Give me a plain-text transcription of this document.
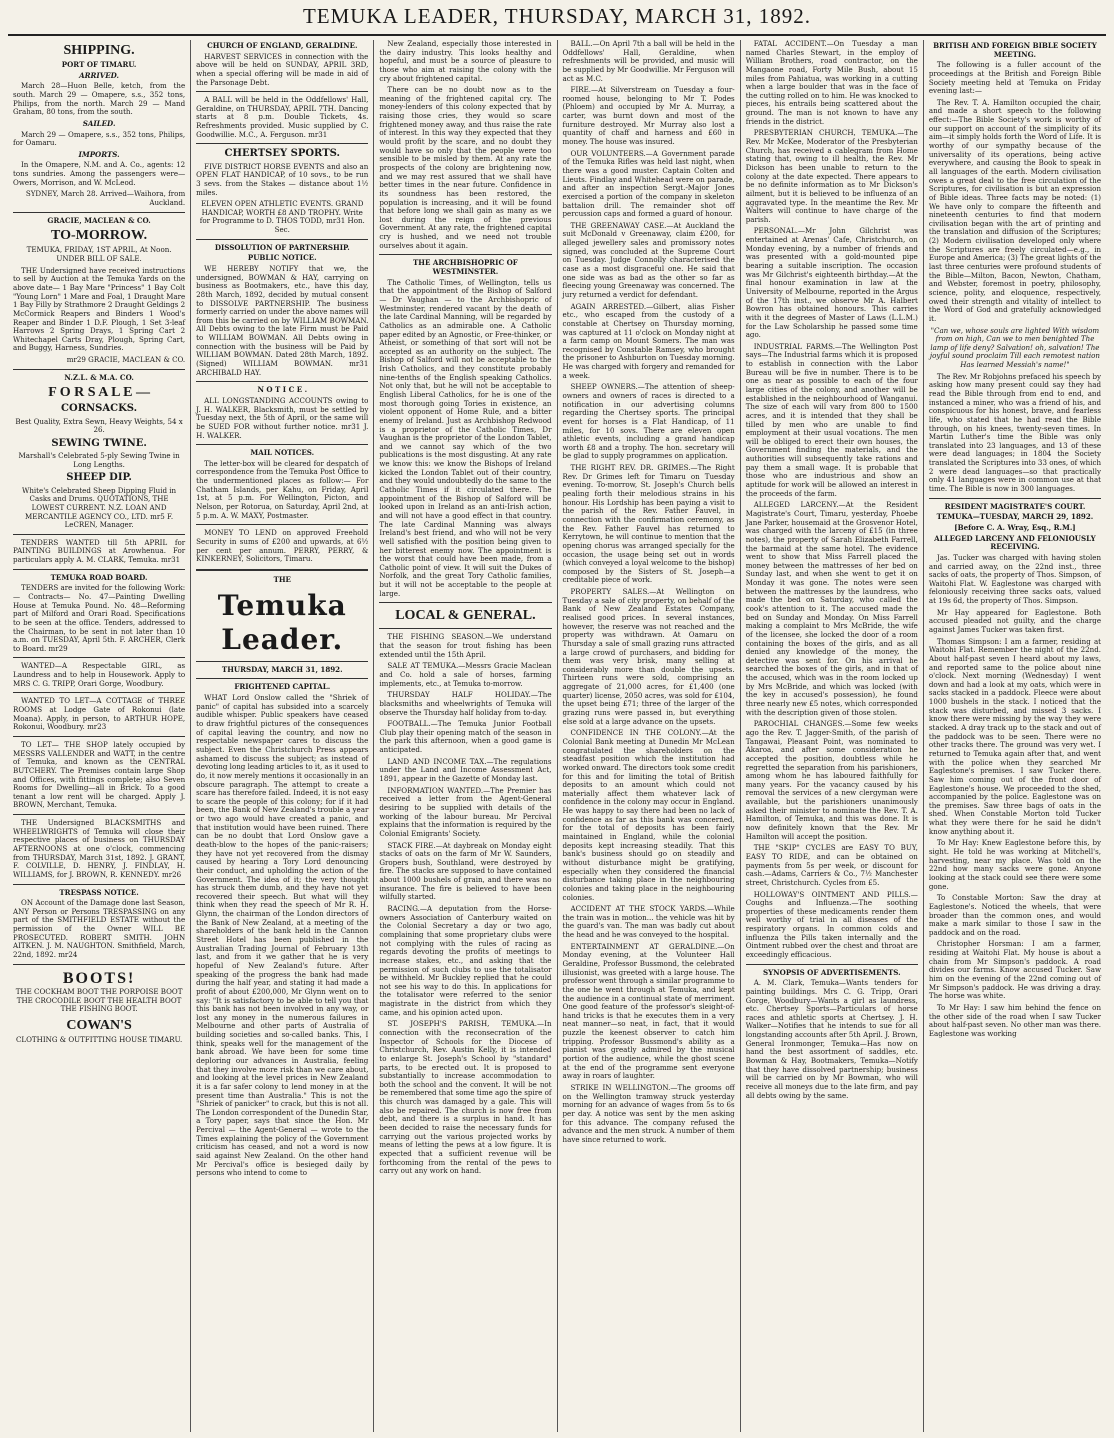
TEMUKA LEADER, THURSDAY, MARCH 31, 1892.
SHIPPING.
PORT OF TIMARU.
ARRIVED.

March 28—Huon Belle, ketch, from the south. March 29 — Omapere, s.s., 352 tons, Philips, from the north. March 29 — Mand Graham, 80 tons, from the south.

SAILED.

March 29 — Omapere, s.s., 352 tons, Philips, for Oamaru.

IMPORTS.

In the Omapere, N.M. and A. Co., agents: 12 tons sundries. Among the passengers were—Owers, Morrison, and W. McLeod.

SYDNEY, March 28. Arrived—Waihora, from Auckland.

GRACIE, MACLEAN & CO.
TO-MORROW.

TEMUKA, FRIDAY, 1ST APRIL, At Noon. UNDER BILL OF SALE.

THE Undersigned have received instructions to sell by Auction at the Temuka Yards on the above date— 1 Bay Mare "Princess" 1 Bay Colt "Young Lorn" 1 Mare and Foal, 1 Draught Mare 1 Bay Filly by Strathmore 2 Draught Geldings 2 McCormick Reapers and Binders 1 Wood's Reaper and Binder 1 D.F. Plough, 1 Set 3-leaf Harrows 2 Spring Drays, 1 Spring Cart 2 Whitechapel Carts Dray, Plough, Spring Cart, and Buggy, Harness, Sundries.

mr29 GRACIE, MACLEAN & CO.

N.Z.L. & M.A. CO.
F O R S A L E —
CORNSACKS.

Best Quality, Extra Sewn, Heavy Weights, 54 x 26.

SEWING TWINE.

Marshall's Celebrated 5-ply Sewing Twine in Long Lengths.

SHEEP DIP.

White's Celebrated Sheep Dipping Fluid in Casks and Drums. QUOTATIONS, THE LOWEST CURRENT. N.Z. LOAN AND MERCANTILE AGENCY CO., LTD. mr5 F. LeCREN, Manager.

TENDERS WANTED till 5th APRIL for PAINTING BUILDINGS at Arowhenua. For particulars apply A. M. CLARK, Temuka. mr31

TEMUKA ROAD BOARD.

TENDERS are invited for the following Work:— Contracts— No. 47—Painting Dwelling House at Temuka Pound. No. 48—Reforming part of Milford and Orari Road. Specifications to be seen at the office. Tenders, addressed to the Chairman, to be sent in not later than 10 a.m. on TUESDAY, April 5th. F. ARCHER, Clerk to Board. mr29

WANTED—A Respectable GIRL, as Laundress and to help in Housework. Apply to MRS C. G. TRIPP, Orari Gorge, Woodbury.

WANTED TO LET—A COTTAGE of THREE ROOMS at Lodge Gate of Rokonui (late Moana). Apply, in person, to ARTHUR HOPE, Rokonui, Woodbury. mr23

TO LET— THE SHOP lately occupied by MESSRS VALLENDER and WATT, in the centre of Temuka, and known as the CENTRAL BUTCHERY. The Premises contain large Shop and Offices, with fittings complete; also Seven Rooms for Dwelling—all in Brick. To a good tenant a low rent will be charged. Apply J. BROWN, Merchant, Temuka.

THE Undersigned BLACKSMITHS and WHEELWRIGHTS of Temuka will close their respective places of business on THURSDAY AFTERNOONS at one o'clock, commencing from THURSDAY, March 31st, 1892. J. GRANT, F. COLVILLE, D. HENRY, J. FINDLAY, H. WILLIAMS, for J. BROWN, R. KENNEDY. mr26

TRESPASS NOTICE.

ON Account of the Damage done last Season, ANY Person or Persons TRESPASSING on any part of the SMITHFIELD ESTATE without the permission of the Owner WILL BE PROSECUTED. ROBERT SMITH. JOHN AITKEN. J. M. NAUGHTON. Smithfield, March, 22nd, 1892. mr24

BOOTS!

THE COCKHAM BOOT THE PORPOISE BOOT THE CROCODILE BOOT THE HEALTH BOOT THE FISHING BOOT.

COWAN'S

CLOTHING & OUTFITTING HOUSE TIMARU.

CHURCH OF ENGLAND, GERALDINE.

HARVEST SERVICES in connection with the above will be held on SUNDAY, APRIL 3RD, when a special offering will be made in aid of the Parsonage Debt.

A BALL will be held in the Oddfellows' Hall, Geraldine, on THURSDAY, APRIL 7TH. Dancing starts at 8 p.m. Double Tickets, 4s. Refreshments provided. Music supplied by C. Goodwillie. M.C., A. Ferguson. mr31

CHERTSEY SPORTS.

FIVE DISTRICT HORSE EVENTS and also an OPEN FLAT HANDICAP, of 10 sovs., to be run 3 sevs. from the Stakes — distance about 1½ miles.

ELEVEN OPEN ATHLETIC EVENTS. GRAND HANDICAP, WORTH £8 AND TROPHY. Write for Programme to D. THOS TODD, mr31 Hon. Sec.

DISSOLUTION OF PARTNERSHIP.
PUBLIC NOTICE.

WE HEREBY NOTIFY that we, the undersigned, BOWMAN & HAY, carrying on business as Bootmakers, etc., have this day, 28th March, 1892, decided by mutual consent to DISSOLVE PARTNERSHIP. The business formerly carried on under the above names will from this be carried on by WILLIAM BOWMAN. All Debts owing to the late Firm must be Paid to WILLIAM BOWMAN. All Debts owing in connection with the business will be Paid by WILLIAM BOWMAN. Dated 28th March, 1892. (Signed) WILLIAM BOWMAN. mr31 ARCHIBALD HAY.

N O T I C E .

ALL LONGSTANDING ACCOUNTS owing to J. H. WALKER, Blacksmith, must be settled by Tuesday next, the 5th of April, or the same will be SUED FOR without further notice. mr31 J. H. WALKER.

MAIL NOTICES.

The letter-box will be cleared for despatch of correspondence from the Temuka Post Office to the undermentioned places as follow:— For Chatham Islands, per Kahu, on Friday, April 1st, at 5 p.m. For Wellington, Picton, and Nelson, per Rotorua, on Saturday, April 2nd, at 5 p.m. A. W. MAXY, Postmaster.

MONEY TO LEND on approved Freehold Security in sums of £200 and upwards, at 6½ per cent per annum. PERRY, PERRY, & KINKERNEY, Solicitors, Timaru.

THE
Temuka Leader.
THURSDAY, MARCH 31, 1892.
FRIGHTENED CAPITAL.

WHAT Lord Onslow called the "Shriek of panic" of capital has subsided into a scarcely audible whisper. Public speakers have ceased to draw frightful pictures of the consequences of capital leaving the country, and now no respectable newspaper cares to discuss the subject. Even the Christchurch Press appears ashamed to discuss the subject; as instead of devoting long leading articles to it, as it used to do, it now merely mentions it occasionally in an obscure paragraph. The attempt to create a scare has therefore failed. Indeed, it is not easy to scare the people of this colony; for if it had been, the Bank of New Zealand's trouble a year or two ago would have created a panic, and that institution would have been ruined. There can be no doubt that Lord Onslow gave a death-blow to the hopes of the panic-raisers; they have not yet recovered from the dismay caused by hearing a Tory Lord denouncing their conduct, and upholding the action of the Government. The idea of it; the very thought has struck them dumb, and they have not yet recovered their speech. But what will they think when they read the speech of Mr R. H. Glynn, the chairman of the London directors of the Bank of New Zealand, at a meeting of the shareholders of the bank held in the Cannon Street Hotel has been published in the Australian Trading Journal of February 13th last, and from it we gather that he is very hopeful of New Zealand's future. After speaking of the progress the bank had made during the half year, and stating it had made a profit of about £200,000, Mr Glynn went on to say: "It is satisfactory to be able to tell you that this bank has not been involved in any way, or lost any money in the numerous failures in Melbourne and other parts of Australia of building societies and so-called banks. This, I think, speaks well for the management of the bank abroad. We have been for some time deploring our advances in Australia, feeling that they involve more risk than we care about, and looking at the level prices in New Zealand it is a far safer colony to lend money in at the present time than Australia." This is not the "Shriek of panicker" to crack, but this is not all. The London correspondent of the Dunedin Star, a Tory paper, says that since the Hon. Mr Percival — the Agent-General — wrote to the Times explaining the policy of the Government criticism has ceased, and not a word is now said against New Zealand. On the other hand Mr Percival's office is besieged daily by persons who intend to come to

New Zealand, especially those interested in the dairy industry. This looks healthy and hopeful, and must be a source of pleasure to those who aim at raising the colony with the cry about frightened capital.

There can be no doubt now as to the meaning of the frightened capital cry. The money-lenders of this colony expected that by raising those cries, they would so scare frightened money away, and thus raise the rate of interest. In this way they expected that they would profit by the scare, and no doubt they would have so only that the people were too sensible to be misled by them. At any rate the prospects of the colony are brightening now, and we may rest assured that we shall have better times in the near future. Confidence in its soundness has been restored, the population is increasing, and it will be found that before long we shall gain as many as we lost during the reign of the previous Government. At any rate, the frightened capital cry is hushed, and we need not trouble ourselves about it again.

THE ARCHBISHOPRIC OF WESTMINSTER.

The Catholic Times, of Wellington, tells us that the appointment of the Bishop of Salford — Dr Vaughan — to the Archbishopric of Westminster, rendered vacant by the death of the late Cardinal Manning, will be regarded by Catholics as an admirable one. A Catholic paper edited by an Agnostic, or Free-thinker, or Atheist, or something of that sort will not be accepted as an authority on the subject. The Bishop of Salford will not be acceptable to the Irish Catholics, and they constitute probably nine-tenths of the English speaking Catholics. Not only that, but he will not be acceptable to English Liberal Catholics, for he is one of the most thorough going Tories in existence, an violent opponent of Home Rule, and a bitter enemy of Ireland. Just as Archbishop Redwood is a proprietor of the Catholic Times, Dr Vaughan is the proprietor of the London Tablet, and we cannot say which of the two publications is the most disgusting. At any rate we know this: we know the Bishops of Ireland kicked the London Tablet out of their country, and they would undoubtedly do the same to the Catholic Times if it circulated there. The appointment of the Bishop of Salford will be looked upon in Ireland as an anti-Irish action, and will not have a good effect in that country. The late Cardinal Manning was always Ireland's best friend, and who will not be very well satisfied with the position being given to her bitterest enemy now. The appointment is the worst that could have been made, from a Catholic point of view. It will suit the Dukes of Norfolk, and the great Tory Catholic families, but it will not be acceptable to the people at large.

LOCAL & GENERAL.

THE FISHING SEASON.—We understand that the season for trout fishing has been extended until the 15th April.

SALE AT TEMUKA.—Messrs Gracie Maclean and Co. hold a sale of horses, farming implements, etc., at Temuka to-morrow.

THURSDAY HALF HOLIDAY.—The blacksmiths and wheelwrights of Temuka will observe the Thursday half holiday from to-day.

FOOTBALL.—The Temuka Junior Football Club play their opening match of the season in the park this afternoon, when a good game is anticipated.

LAND AND INCOME TAX.—The regulations under the Land and Income Assessment Act, 1891, appear in the Gazette of Monday last.

INFORMATION WANTED.—The Premier has received a letter from the Agent-General desiring to be supplied with details of the working of the labour bureau. Mr Percival explains that the information is required by the Colonial Emigrants' Society.

STACK FIRE.—At daybreak on Monday eight stacks of oats on the farm of Mr W. Saunders, Gropers bush, Southland, were destroyed by fire. The stacks are supposed to have contained about 1000 bushels of grain, and there was no insurance. The fire is believed to have been wilfully started.

RACING.—A deputation from the Horse-owners Association of Canterbury waited on the Colonial Secretary a day or two ago, complaining that some proprietary clubs were not complying with the rules of racing as regards devoting the profits of meetings to increase stakes, etc., and asking that the permission of such clubs to use the totalisator be withheld. Mr Buckley replied that he could not see his way to do this. In applications for the totalisator were referred to the senior magistrate in the district from which they came, and his opinion acted upon.

ST. JOSEPH'S PARISH, TEMUKA.—In connection with the reconsecration of the Inspector of Schools for the Diocese of Christchurch, Rev. Austin Kelly, it is intended to enlarge St. Joseph's School by "standard" parts, to be erected out. It is proposed to substantially to increase accommodation to both the school and the convent. It will be not be remembered that some time ago the spire of this church was damaged by a gale. This will also be repaired. The church is now free from debt, and there is a surplus in hand. It has been decided to raise the necessary funds for carrying out the various projected works by means of letting the pews at a low figure. It is expected that a sufficient revenue will be forthcoming from the rental of the pews to carry out any work on hand.

BALL.—On April 7th a ball will be held in the Oddfellows' Hall, Geraldine, when refreshments will be provided, and music will be supplied by Mr Goodwillie. Mr Ferguson will act as M.C.

FIRE.—At Silverstream on Tuesday a four-roomed house, belonging to Mr T. Podes (Phloem) and occupied by Mr A. Murray, a carter, was burnt down and most of the furniture destroyed. Mr Murray also lost a quantity of chaff and harness and £60 in money. The house was insured.

OUR VOLUNTEERS.—A Government parade of the Temuka Rifles was held last night, when there was a good muster. Captain Colten and Lieuts. Findlay and Whitehead were on parade, and after an inspection Sergt.-Major Jones exercised a portion of the company in skeleton battalion drill. The remainder shot off percussion caps and formed a guard of honour.

THE GREENAWAY CASE.—At Auckland the suit McDonald v Greenaway, claim £200, for alleged jewellery sales and promissory notes signed, was concluded at the Supreme Court on Tuesday. Judge Connolly characterised the case as a most disgraceful one. He said that one side was as bad as the other so far as fleecing young Greenaway was concerned. The jury returned a verdict for defendant.

AGAIN ARRESTED.—Gilbert, alias Fisher etc., who escaped from the custody of a constable at Chertsey on Thursday morning, was captured at 11 o'clock on Monday night at a farm camp on Mount Somers. The man was recognised by Constable Ramsey, who brought the prisoner to Ashburton on Tuesday morning. He was charged with forgery and remanded for a week.

SHEEP OWNERS.—The attention of sheep-owners and owners of races is directed to a notification in our advertising columns regarding the Chertsey sports. The principal event for horses is a Flat Handicap, of 11 miles, for 10 sovs. There are eleven open athletic events, including a grand handicap worth £8 and a trophy. The hon. secretary will be glad to supply programmes on application.

THE RIGHT REV. DR. GRIMES.—The Right Rev. Dr Grimes left for Timaru on Tuesday evening. To-morrow, St. Joseph's Church bells pealing forth their melodious strains in his honour. His Lordship has been paying a visit to the parish of the Rev. Father Fauvel, in connection with the confirmation ceremony, as the Rev. Father Fauvel has returned to Kerrytown, he will continue to mention that the opening chorus was arranged specially for the occasion, the usage being set out in words (which conveyed a loyal welcome to the bishop) composed by the Sisters of St. Joseph—a creditable piece of work.

PROPERTY SALES.—At Wellington on Tuesday a sale of city property, on behalf of the Bank of New Zealand Estates Company, realised good prices. In several instances, however, the reserve was not reached and the property was withdrawn. At Oamaru on Thursday a sale of small grazing runs attracted a large crowd of purchasers, and bidding for them was very brisk, many selling at considerably more than double the upsets. Thirteen runs were sold, comprising an aggregate of 21,000 acres, for £1,400 (one quarter) license, 2050 acres, was sold for £104, the upset being £71; three of the larger of the grazing runs were passed in, but everything else sold at a large advance on the upsets.

CONFIDENCE IN THE COLONY.—At the Colonial Bank meeting at Dunedin Mr McLean congratulated the shareholders on the steadfast position which the institution had worked onward. The directors took some credit for this and for limiting the total of British deposits to an amount which could not materially affect them whatever lack of confidence in the colony may occur in England. He was happy to say there had been no lack of confidence as far as this bank was concerned, for the total of deposits has been fairly maintained in England, while the colonial deposits kept increasing steadily. That this bank's business should go on steadily and without disturbance might be gratifying, especially when they considered the financial disturbance taking place in the neighbouring colonies and taking place in the neighbouring colonies.

ACCIDENT AT THE STOCK YARDS.—While the train was in motion... the vehicle was hit by the guard's van. The man was badly cut about the head and he was conveyed to the hospital.

ENTERTAINMENT AT GERALDINE.—On Monday evening, at the Volunteer Hall Geraldine, Professor Bussmond, the celebrated illusionist, was greeted with a large house. The professor went through a similar programme to the one he went through at Temuka, and kept the audience in a continual state of merriment. One good feature of the professor's sleight-of-hand tricks is that he executes them in a very neat manner—so neat, in fact, that it would puzzle the keenest observer to catch him tripping. Professor Bussmond's ability as a pianist was greatly admired by the musical portion of the audience, while the ghost scene at the end of the programme sent everyone away in roars of laughter.

STRIKE IN WELLINGTON.—The grooms off on the Wellington tramway struck yesterday morning for an advance of wages from 5s to 6s per day. A notice was sent by the men asking for this advance. The company refused the advance and the men struck. A number of them have since returned to work.

FATAL ACCIDENT.—On Tuesday a man named Charles Stewart, in the employ of William Brothers, road contractor, on the Mangaone road, Forty Mile Bush, about 15 miles from Pahiatua, was working in a cutting when a large boulder that was in the face of the cutting rolled on to him. He was knocked to pieces, his entrails being scattered about the ground. The man is not known to have any friends in the district.

PRESBYTERIAN CHURCH, TEMUKA.—The Rev. Mr McKee, Moderator of the Presbyterian Church, has received a cablegram from Home stating that, owing to ill health, the Rev. Mr Dickson has been unable to return to the colony at the date expected. There appears to be no definite information as to Mr Dickson's ailment, but it is believed to be influenza of an aggravated type. In the meantime the Rev. Mr Walters will continue to have charge of the parish.

PERSONAL.—Mr John Gilchrist was entertained at Arenas' Cafe, Christchurch, on Monday evening, by a number of friends and was presented with a gold-mounted pipe bearing a suitable inscription. The occasion was Mr Gilchrist's eighteenth birthday.—At the final honour examination in law at the University of Melbourne, reported in the Argus of the 17th inst., we observe Mr A. Halbert Bowron has obtained honours. This carries with it the degrees of Master of Laws (L.L.M.) for the Law Scholarship he passed some time ago.

INDUSTRIAL FARMS.—The Wellington Post says—The Industrial farms which it is proposed to establish in connection with the Labor Bureau will be five in number. There is to be one as near as possible to each of the four large cities of the colony, and another will be established in the neighbourhood of Wanganui. The size of each will vary from 800 to 1500 acres, and it is intended that they shall be tilled by men who are unable to find employment at their usual vocations. The men will be obliged to erect their own houses, the Government finding the materials, and the authorities will subsequently take rations and pay them a small wage. It is probable that those who are industrious and show an aptitude for work will be allowed an interest in the proceeds of the farm.

ALLEGED LARCENY.—At the Resident Magistrate's Court, Timaru, yesterday, Phoebe Jane Parker, housemaid at the Grosvenor Hotel, was charged with the larceny of £15 (in three notes), the property of Sarah Elizabeth Farrell, the barmaid at the same hotel. The evidence went to show that Miss Farrell placed the money between the mattresses of her bed on Sunday last, and when she went to get it on Monday it was gone. The notes were seen between the mattresses by the laundress, who made the bed on Saturday, who called the cook's attention to it. The accused made the bed on Sunday and Monday. On Miss Farrell making a complaint to Mrs McBride, the wife of the licensee, she locked the door of a room containing the boxes of the girls, and as all denied any knowledge of the money, the detective was sent for. On his arrival he searched the boxes of the girls, and in that of the accused, which was in the room locked up by Mrs McBride, and which was locked (with the key in accused's possession), he found three nearly new £5 notes, which corresponded with the description given of those stolen.

PAROCHIAL CHANGES.—Some few weeks ago the Rev. T. Jagger-Smith, of the parish of Tangawai, Pleasant Point, was nominated to Akaroa, and after some consideration he accepted the position, doubtless while he regretted the separation from his parishioners, among whom he has laboured faithfully for many years. For the vacancy caused by his removal the services of a new clergyman were available, but the parishioners unanimously asked their minister to nominate the Rev. T. A. Hamilton, of Temuka, and this was done. It is now definitely known that the Rev. Mr Hamilton will accept the position.

THE "SKIP" CYCLES are EASY TO BUY, EASY TO RIDE, and can be obtained on payments from 5s per week, or discount for cash.—Adams, Carriers & Co., 7½ Manchester street, Christchurch. Cycles from £5.

HOLLOWAY'S OINTMENT AND PILLS.—Coughs and Influenza.—The soothing properties of these medicaments render them well worthy of trial in all diseases of the respiratory organs. In common colds and influenza the Pills taken internally and the Ointment rubbed over the chest and throat are exceedingly efficacious.

SYNOPSIS OF ADVERTISEMENTS.

A. M. Clark, Temuka—Wants tenders for painting buildings. Mrs C. G. Tripp, Orari Gorge, Woodbury—Wants a girl as laundress, etc. Chertsey Sports—Particulars of horse races and athletic sports at Chertsey. J. H. Walker—Notifies that he intends to sue for all longstanding accounts after 5th April. J. Brown, General Ironmonger, Temuka—Has now on hand the best assortment of saddles, etc. Bowman & Hay, Bootmakers, Temuka—Notify that they have dissolved partnership; business will be carried on by Mr Bowman, who will receive all moneys due to the late firm, and pay all debts owing by the same.

BRITISH AND FOREIGN BIBLE SOCIETY MEETING.

The following is a fuller account of the proceedings at the British and Foreign Bible Society meeting held at Temuka on Friday evening last:—

The Rev. T. A. Hamilton occupied the chair, and made a short speech to the following effect:—The Bible Society's work is worthy of our support on account of the simplicity of its aim—it simply holds forth the Word of Life. It is worthy of our sympathy because of the universality of its operations, being active everywhere, and causing the Book to speak in all languages of the earth. Modern civilisation owes a great deal to the free circulation of the Scriptures, for civilisation is but an expression of Bible ideas. Three facts may be noted: (1) We have only to compare the fifteenth and nineteenth centuries to find that modern civilisation began with the art of printing and the translation and diffusion of the Scriptures; (2) Modern civilisation developed only where the Scriptures are freely circulated—e.g., in Europe and America; (3) The great lights of the last three centuries were profound students of the Bible—Milton, Bacon, Newton, Chatham, and Webster, foremost in poetry, philosophy, science, polity, and eloquence, respectively, owed their strength and vitality of intellect to the Word of God and gratefully acknowledged it.

"Can we, whose souls are lighted With wisdom from on high, Can we to men benighted The lamp of life deny? Salvation! oh, salvation! The joyful sound proclaim Till each remotest nation Has learned Messiah's name!"

The Rev. Mr Robjohns prefaced his speech by asking how many present could say they had read the Bible through from end to end, and instanced a miner, who was a friend of his, and conspicuous for his honest, brave, and fearless life, who stated that he had read the Bible through, on his knees, twenty-seven times. In Martin Luther's time the Bible was only translated into 23 languages, and 13 of these were dead languages; in 1804 the Society translated the Scriptures into 33 ones, of which 2 were dead languages—so that practically only 41 languages were in common use at that time. The Bible is now in 300 languages.

RESIDENT MAGISTRATE'S COURT.
TEMUKA—TUESDAY, MARCH 29, 1892.
[Before C. A. Wray, Esq., R.M.]
ALLEGED LARCENY AND FELONIOUSLY RECEIVING.

Jas. Tucker was charged with having stolen and carried away, on the 22nd inst., three sacks of oats, the property of Thos. Simpson, of Waitohi Flat. W. Eaglestone was charged with feloniously receiving three sacks oats, valued at 19s 6d, the property of Thos. Simpson.

Mr Hay appeared for Eaglestone. Both accused pleaded not guilty, and the charge against James Tucker was taken first.

Thomas Simpson: I am a farmer, residing at Waitohi Flat. Remember the night of the 22nd. About half-past seven I heard about my laws, and reported same to the police about nine o'clock. Next morning (Wednesday) I went down and had a look at my oats, which were in sacks stacked in a paddock. Fleece were about 1000 bushels in the stack. I noticed that the stack was disturbed, and missed 3 sacks. I know there were missing by the way they were stacked. A dray track up to the stack and out of the paddock was to be seen. There were no other tracks there. The ground was very wet. I returned to Temuka again after that, and went with the police when they searched Mr Eaglestone's premises. I saw Tucker there. Saw him coming out of the front door of Eaglestone's house. We proceeded to the shed, accompanied by the police. Eaglestone was on the premises. Saw three bags of oats in the shed. When Constable Morton told Tucker what they were there for he said he didn't know anything about it.

To Mr Hay: Knew Eaglestone before this, by sight. He told he was working at Mitchell's, harvesting, near my place. Was told on the 22nd how many sacks were gone. Anyone looking at the stack could see there were some gone.

To Constable Morton: Saw the dray at Eaglestone's. Noticed the wheels, that were broader than the common ones, and would make a mark similar to those I saw in the paddock and on the road.

Christopher Horsman: I am a farmer, residing at Waitohi Flat. My house is about a chain from Mr Simpson's paddock. A road divides our farms. Know accused Tucker. Saw him on the evening of the 22nd coming out of Mr Simpson's paddock. He was driving a dray. The horse was white.

To Mr Hay: I saw him behind the fence on the other side of the road when I saw Tucker about half-past seven. No other man was there. Eaglestone was working
